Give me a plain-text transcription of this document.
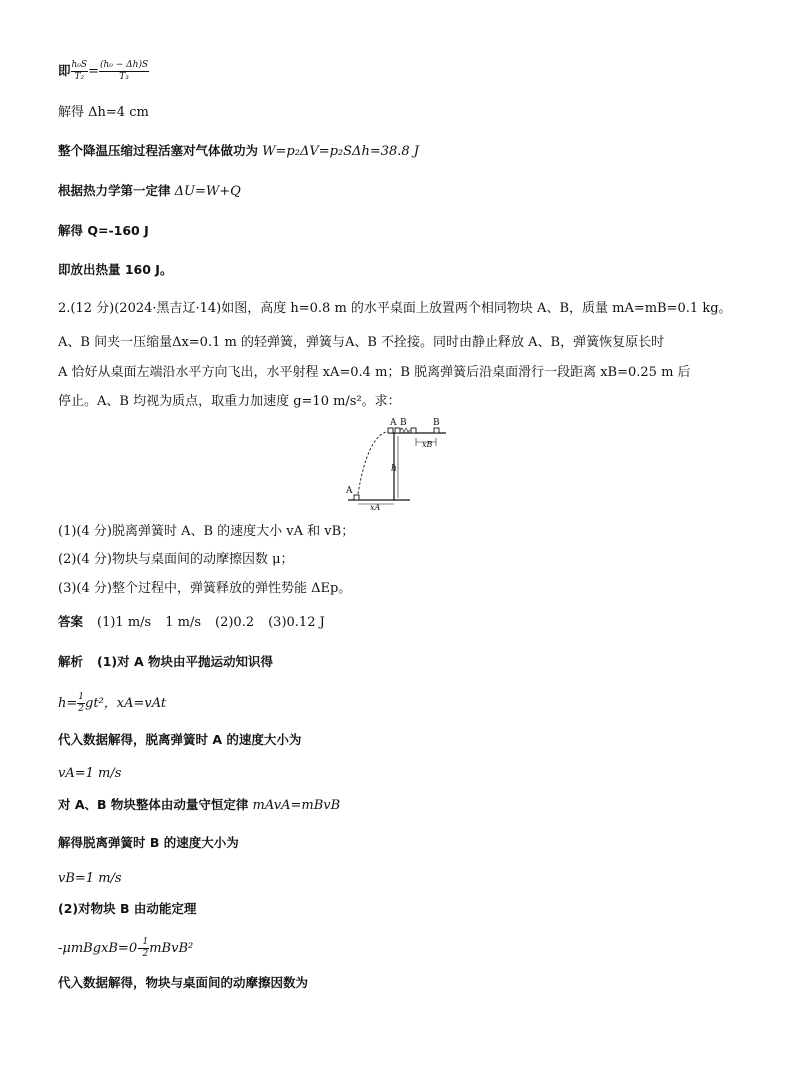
即 $\frac{\text{h₀S}}{\text{T₂}} = \frac{\text{(h₀ − Δh)S}}{\text{T₃}}$
解得 Δh=4 cm
整个降温压缩过程活塞对气体做功为 W=p₂ΔV=p₂SΔh=38.8 J
根据热力学第一定律 ΔU=W+Q
解得 Q=-160 J
即放出热量 160 J。
2.(12 分)(2024·黑吉辽·14)如图，高度 h=0.8 m 的水平桌面上放置两个相同物块 A、B，质量 mA=mB=0.1 kg。
A、B 间夹一压缩量Δx=0.1 m 的轻弹簧，弹簧与A、B 不拴接。同时由静止释放 A、B，弹簧恢复原长时
A 恰好从桌面左端沿水平方向飞出，水平射程 xA=0.4 m；B 脱离弹簧后沿桌面滑行一段距离 xB=0.25 m 后
停止。A、B 均视为质点，取重力加速度 g=10 m/s²。求：
A B	B
xB
h
A
xA
(1)(4 分)脱离弹簧时 A、B 的速度大小 vA 和 vB；
(2)(4 分)物块与桌面间的动摩擦因数 μ；
(3)(4 分)整个过程中，弹簧释放的弹性势能 ΔEp。
答案 (1)1 m/s 1 m/s (2)0.2 (3)0.12 J
解析 (1)对 A 物块由平抛运动知识得
$h= \frac{1}{2} gt^2$，xA=vAt
代入数据解得，脱离弹簧时 A 的速度大小为
vA=1 m/s
对 A、B 物块整体由动量守恒定律 mAvA=mBvB
解得脱离弹簧时 B 的速度大小为
vB=1 m/s
(2)对物块 B 由动能定理
-μmBgxB=0- $\frac{1}{2}$ mBvB²
代入数据解得，物块与桌面间的动摩擦因数为
